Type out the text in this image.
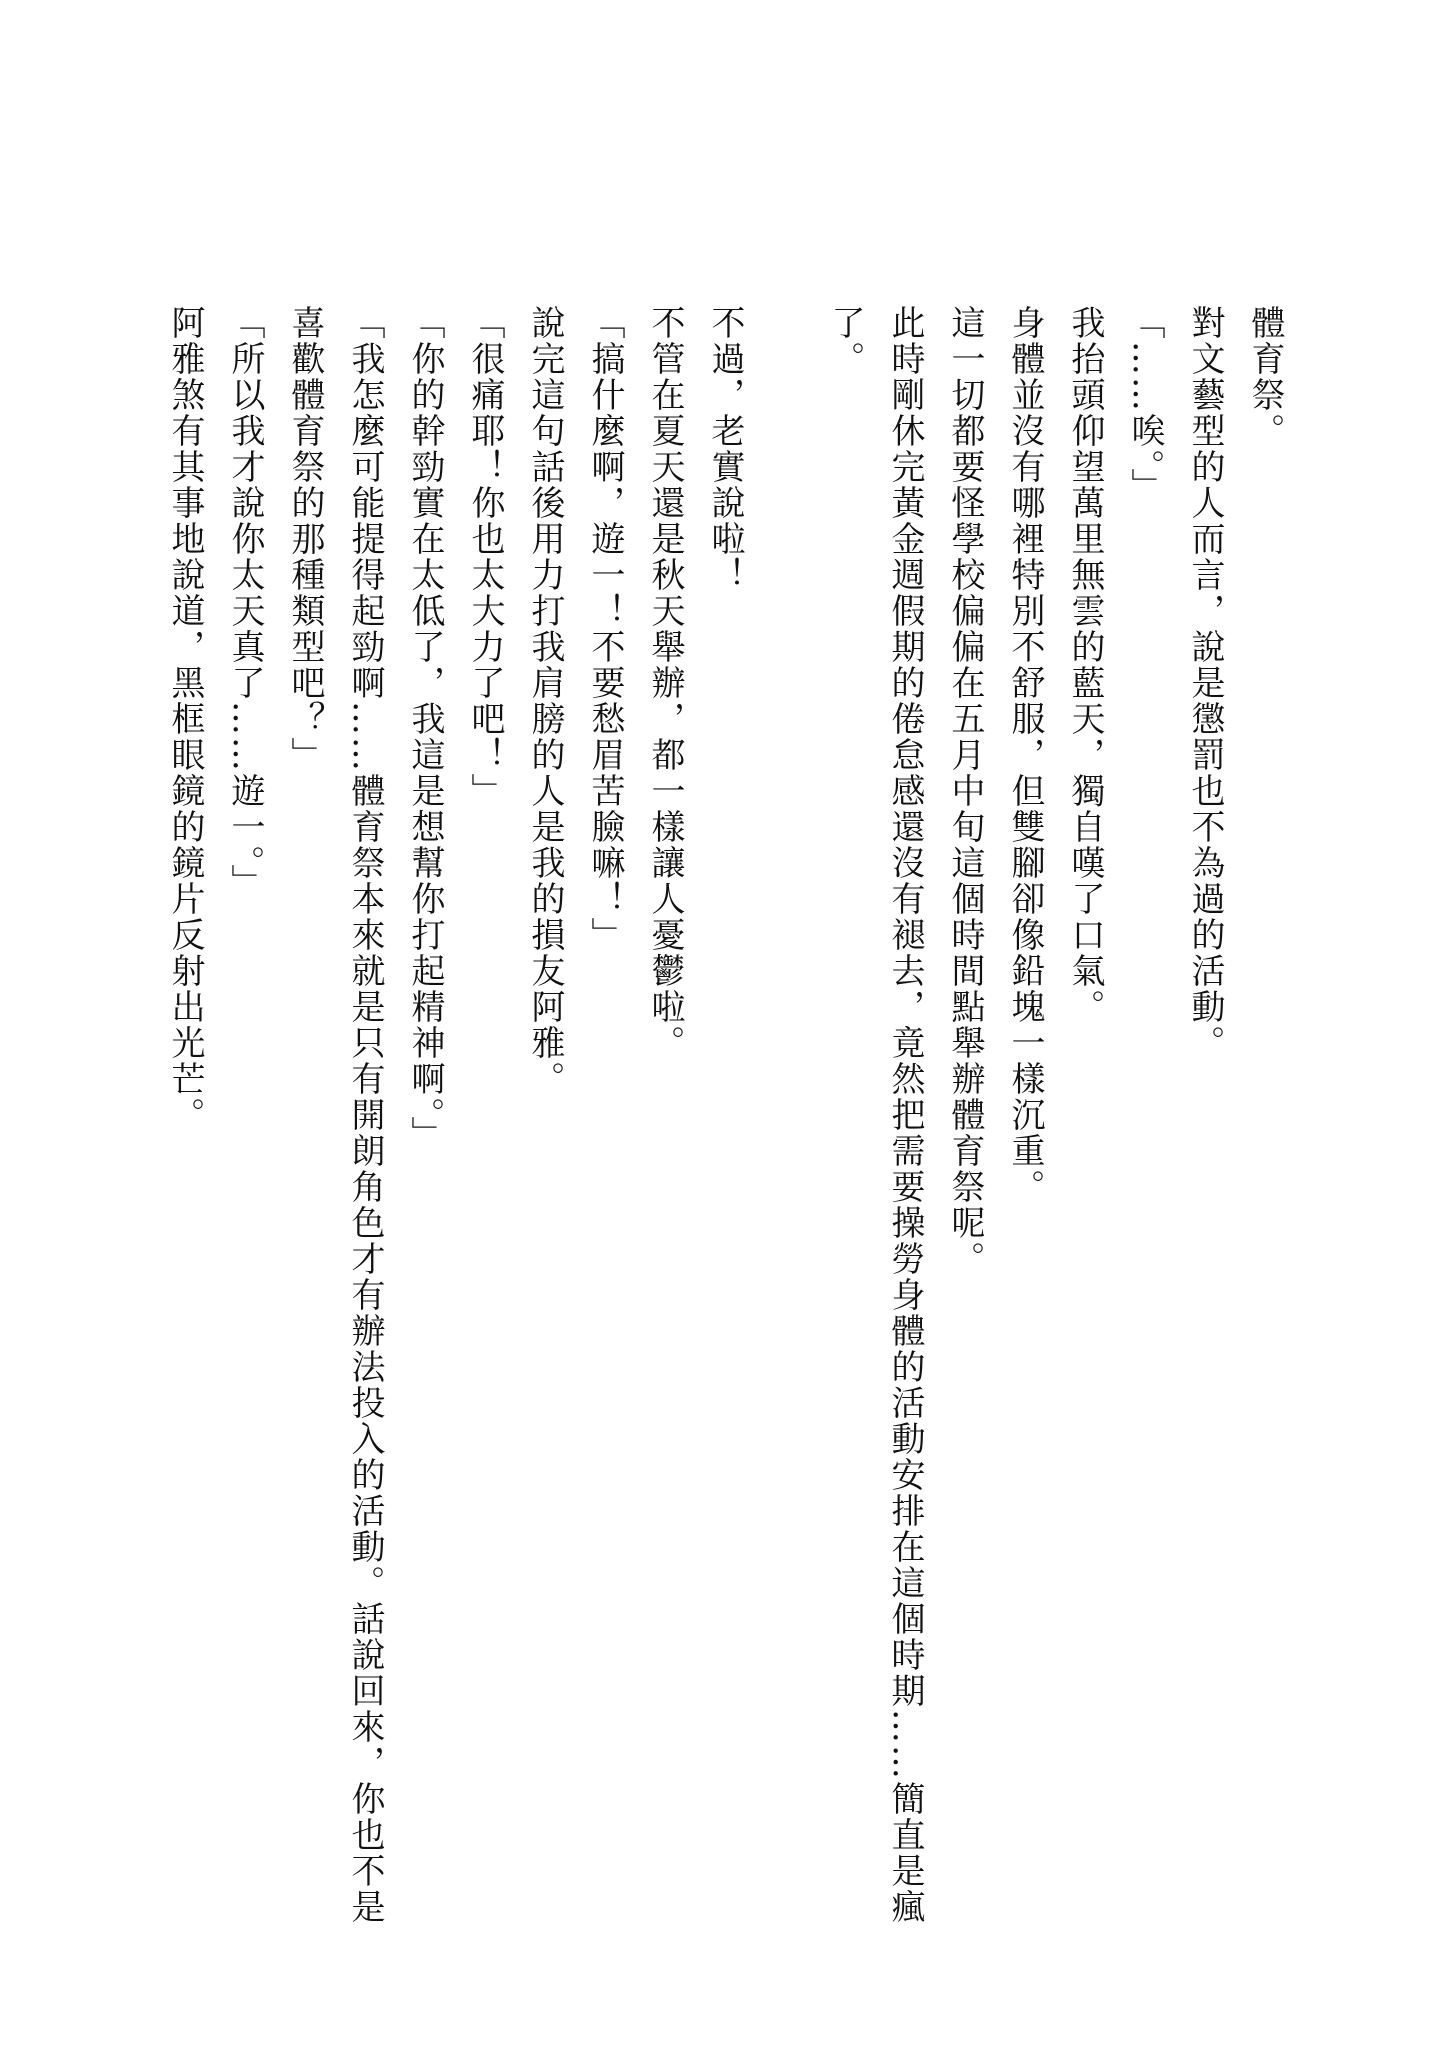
體育祭。

對文藝型的人而言，說是懲罰也不為過的活動。

「……唉。」

我抬頭仰望萬里無雲的藍天，獨自嘆了口氣。

身體並沒有哪裡特別不舒服，但雙腳卻像鉛塊一樣沉重。

這一切都要怪學校偏偏在五月中旬這個時間點舉辦體育祭呢。

此時剛休完黃金週假期的倦怠感還沒有褪去，竟然把需要操勞身體的活動安排在這個時期……簡直是瘋了。

不過，老實說啦！

不管在夏天還是秋天舉辦，都一樣讓人憂鬱啦。

「搞什麼啊，遊一！不要愁眉苦臉嘛！」

說完這句話後用力打我肩膀的人是我的損友阿雅。

「很痛耶！你也太大力了吧！」

「你的幹勁實在太低了，我這是想幫你打起精神啊。」

「我怎麼可能提得起勁啊……體育祭本來就是只有開朗角色才有辦法投入的活動。話說回來，你也不是喜歡體育祭的那種類型吧？」

「所以我才說你太天真了……遊一。」

阿雅煞有其事地說道，黑框眼鏡的鏡片反射出光芒。
